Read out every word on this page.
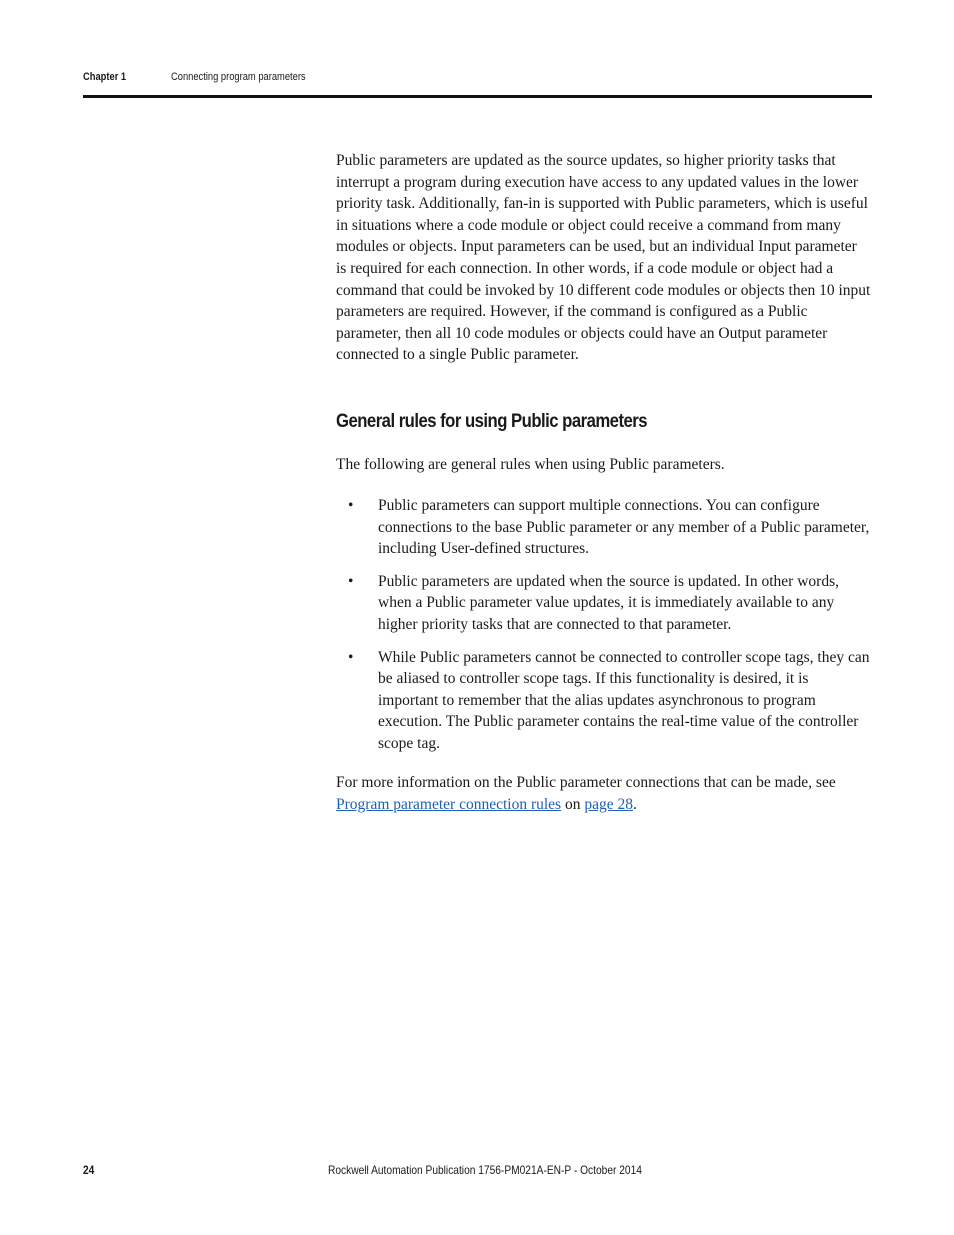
Chapter 1	Connecting program parameters

Public parameters are updated as the source updates, so higher priority tasks that interrupt a program during execution have access to any updated values in the lower priority task. Additionally, fan-in is supported with Public parameters, which is useful in situations where a code module or object could receive a command from many modules or objects. Input parameters can be used, but an individual Input parameter is required for each connection. In other words, if a code module or object had a command that could be invoked by 10 different code modules or objects then 10 input parameters are required. However, if the command is configured as a Public parameter, then all 10 code modules or objects could have an Output parameter connected to a single Public parameter.

General rules for using Public parameters

The following are general rules when using Public parameters.

• Public parameters can support multiple connections. You can configure connections to the base Public parameter or any member of a Public parameter, including User-defined structures.
• Public parameters are updated when the source is updated. In other words, when a Public parameter value updates, it is immediately available to any higher priority tasks that are connected to that parameter.
• While Public parameters cannot be connected to controller scope tags, they can be aliased to controller scope tags. If this functionality is desired, it is important to remember that the alias updates asynchronous to program execution. The Public parameter contains the real-time value of the controller scope tag.

For more information on the Public parameter connections that can be made, see Program parameter connection rules on page 28.

24	Rockwell Automation Publication 1756-PM021A-EN-P - October 2014
